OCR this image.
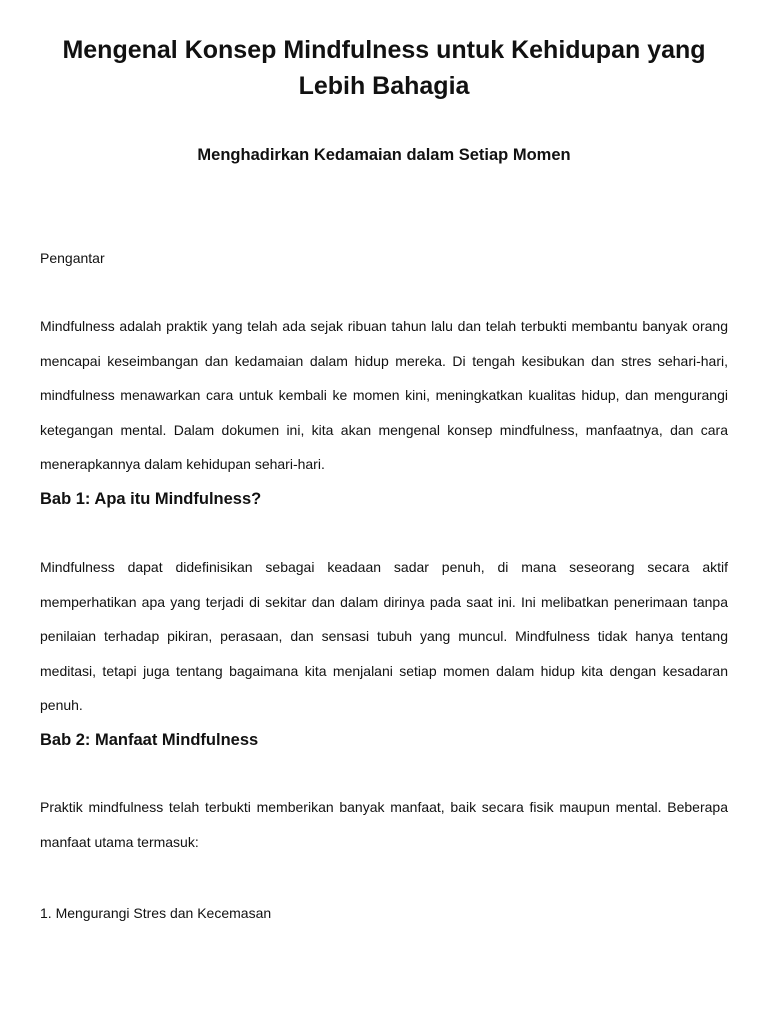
Mengenal Konsep Mindfulness untuk Kehidupan yang Lebih Bahagia
Menghadirkan Kedamaian dalam Setiap Momen

Pengantar

Mindfulness adalah praktik yang telah ada sejak ribuan tahun lalu dan telah terbukti membantu banyak orang mencapai keseimbangan dan kedamaian dalam hidup mereka. Di tengah kesibukan dan stres sehari-hari, mindfulness menawarkan cara untuk kembali ke momen kini, meningkatkan kualitas hidup, dan mengurangi ketegangan mental. Dalam dokumen ini, kita akan mengenal konsep mindfulness, manfaatnya, dan cara menerapkannya dalam kehidupan sehari-hari.

Bab 1: Apa itu Mindfulness?

Mindfulness dapat didefinisikan sebagai keadaan sadar penuh, di mana seseorang secara aktif memperhatikan apa yang terjadi di sekitar dan dalam dirinya pada saat ini. Ini melibatkan penerimaan tanpa penilaian terhadap pikiran, perasaan, dan sensasi tubuh yang muncul. Mindfulness tidak hanya tentang meditasi, tetapi juga tentang bagaimana kita menjalani setiap momen dalam hidup kita dengan kesadaran penuh.

Bab 2: Manfaat Mindfulness

Praktik mindfulness telah terbukti memberikan banyak manfaat, baik secara fisik maupun mental. Beberapa manfaat utama termasuk:

1. Mengurangi Stres dan Kecemasan
